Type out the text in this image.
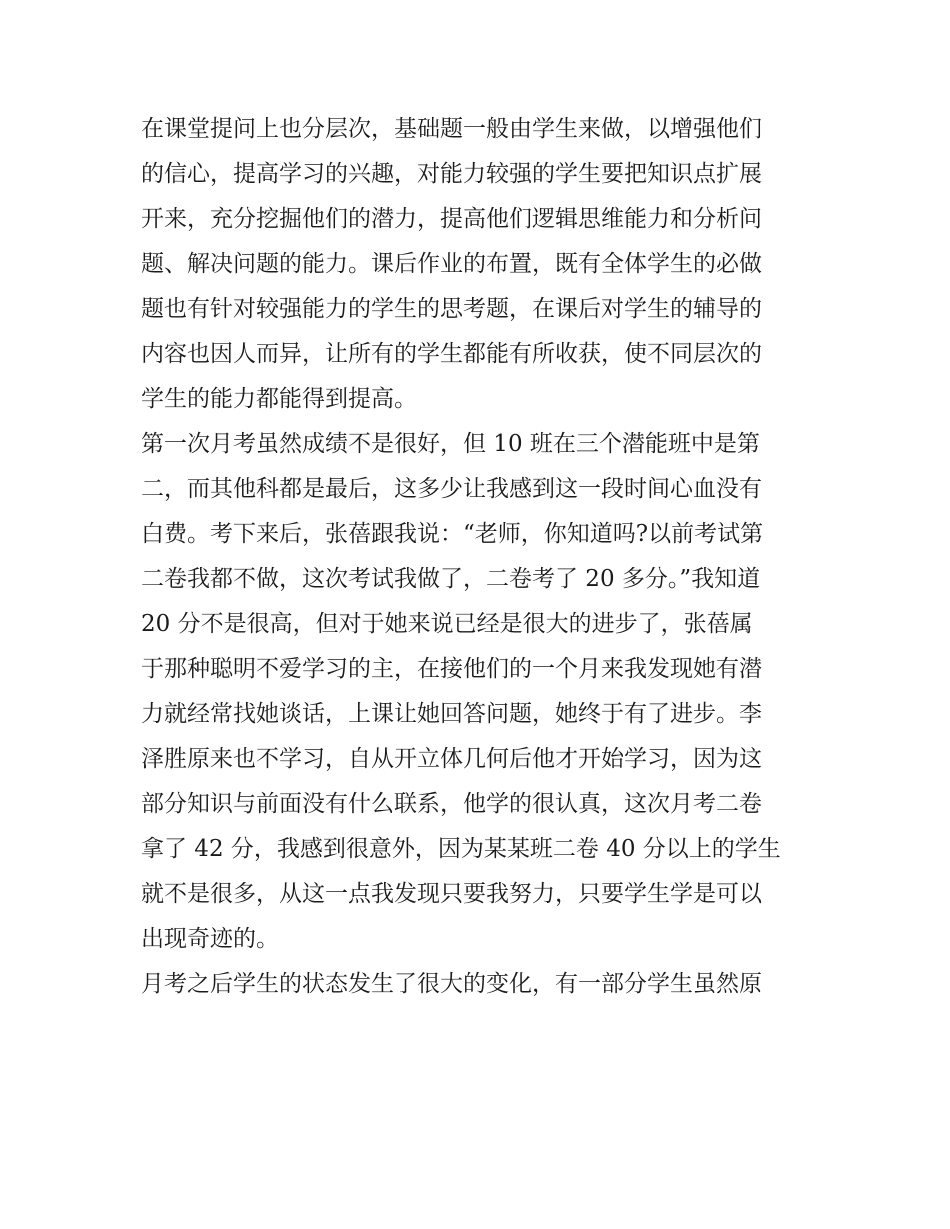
在课堂提问上也分层次，基础题一般由学生来做，以增强他们
的信心，提高学习的兴趣，对能力较强的学生要把知识点扩展
开来，充分挖掘他们的潜力，提高他们逻辑思维能力和分析问
题、解决问题的能力。课后作业的布置，既有全体学生的必做
题也有针对较强能力的学生的思考题，在课后对学生的辅导的
内容也因人而异，让所有的学生都能有所收获，使不同层次的
学生的能力都能得到提高。
第一次月考虽然成绩不是很好，但 10 班在三个潜能班中是第
二，而其他科都是最后，这多少让我感到这一段时间心血没有
白费。考下来后，张蓓跟我说：“老师，你知道吗?以前考试第
二卷我都不做，这次考试我做了，二卷考了 20 多分。”我知道
20 分不是很高，但对于她来说已经是很大的进步了，张蓓属
于那种聪明不爱学习的主，在接他们的一个月来我发现她有潜
力就经常找她谈话，上课让她回答问题，她终于有了进步。李
泽胜原来也不学习，自从开立体几何后他才开始学习，因为这
部分知识与前面没有什么联系，他学的很认真，这次月考二卷
拿了 42 分，我感到很意外，因为某某班二卷 40 分以上的学生
就不是很多，从这一点我发现只要我努力，只要学生学是可以
出现奇迹的。
月考之后学生的状态发生了很大的变化，有一部分学生虽然原
